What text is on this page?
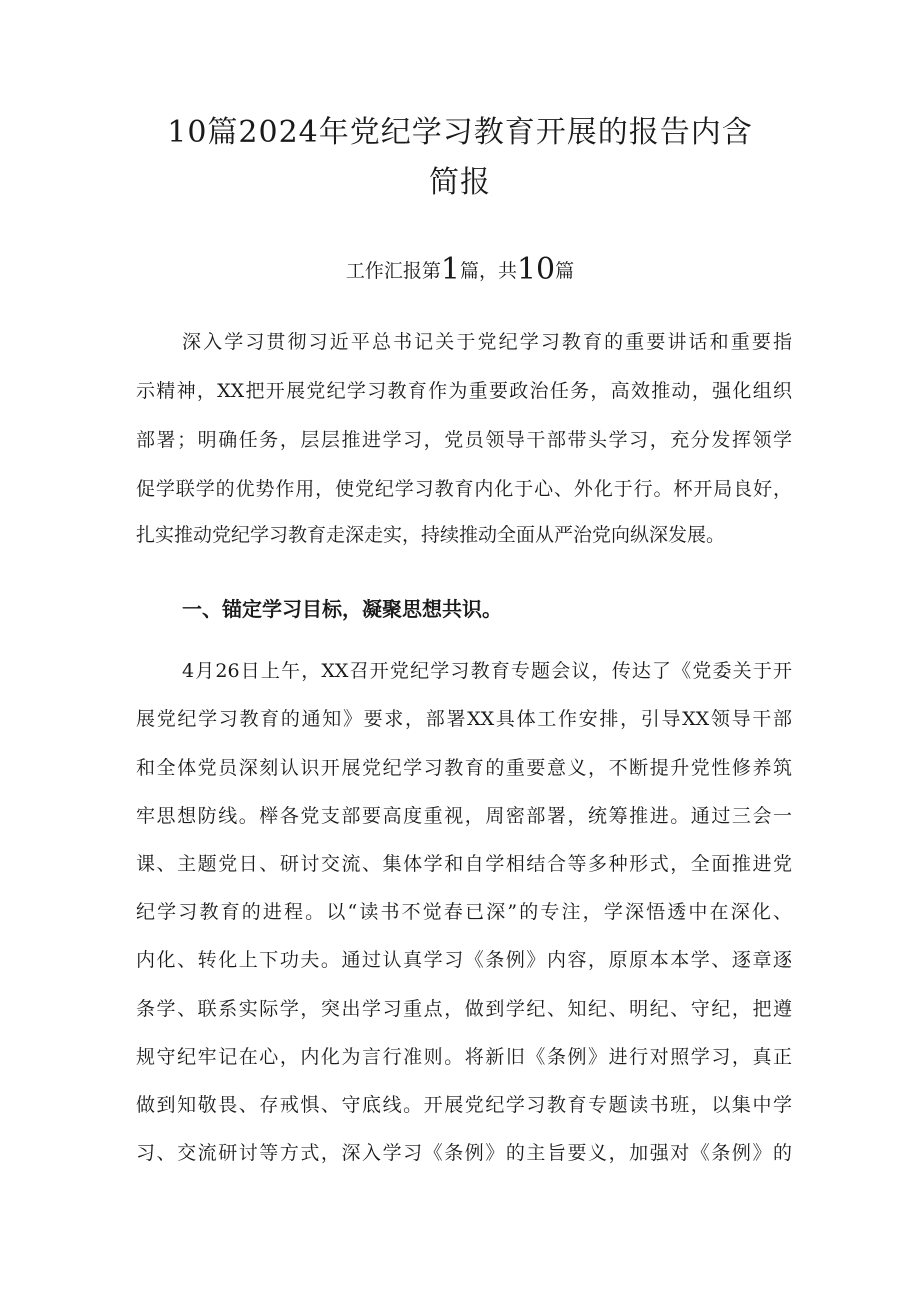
10篇2024年党纪学习教育开展的报告内含
简报
工作汇报第1篇，共10篇
深入学习贯彻习近平总书记关于党纪学习教育的重要讲话和重要指
示精神，XX把开展党纪学习教育作为重要政治任务，高效推动，强化组织
部署；明确任务，层层推进学习，党员领导干部带头学习，充分发挥领学
促学联学的优势作用，使党纪学习教育内化于心、外化于行。杯开局良好，
扎实推动党纪学习教育走深走实，持续推动全面从严治党向纵深发展。
一、锚定学习目标，凝聚思想共识。
4月26日上午，XX召开党纪学习教育专题会议，传达了《党委关于开
展党纪学习教育的通知》要求，部署XX具体工作安排，引导XX领导干部
和全体党员深刻认识开展党纪学习教育的重要意义，不断提升党性修养筑
牢思想防线。榉各党支部要高度重视，周密部署，统筹推进。通过三会一
课、主题党日、研讨交流、集体学和自学相结合等多种形式，全面推进党
纪学习教育的进程。以“读书不觉春已深”的专注，学深悟透中在深化、
内化、转化上下功夫。通过认真学习《条例》内容，原原本本学、逐章逐
条学、联系实际学，突出学习重点，做到学纪、知纪、明纪、守纪，把遵
规守纪牢记在心，内化为言行准则。将新旧《条例》进行对照学习，真正
做到知敬畏、存戒惧、守底线。开展党纪学习教育专题读书班，以集中学
习、交流研讨等方式，深入学习《条例》的主旨要义，加强对《条例》的
